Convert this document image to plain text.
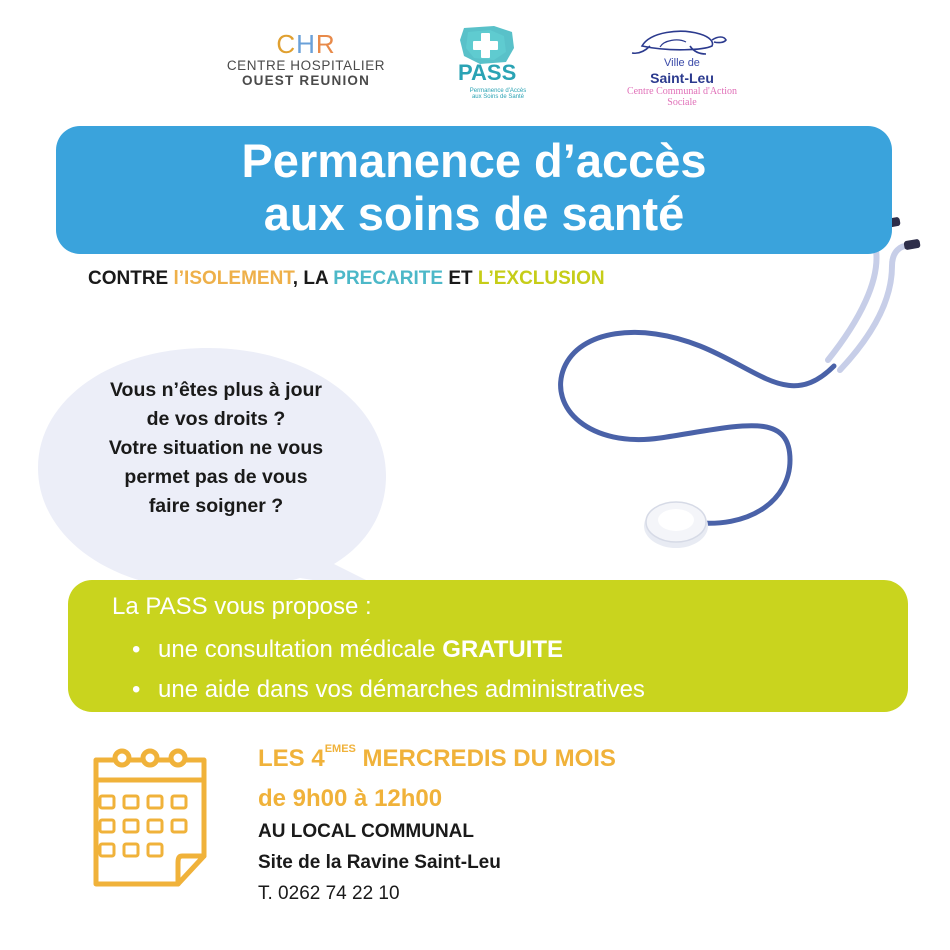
CHR
CENTRE HOSPITALIER
OUEST REUNION	PASS
Permanence d'Accès aux Soins de Santé
Ville de
Saint-Leu
Centre Communal d'Action Sociale
Permanence d’accès
aux soins de santé
CONTRE l’ISOLEMENT, LA PRECARITE ET L’EXCLUSION
Vous n’êtes plus à jour
de vos droits ?
Votre situation ne vous
permet pas de vous
faire soigner ?
La PASS vous propose :
• une consultation médicale GRATUITE
• une aide dans vos démarches administratives
LES 4EMES MERCREDIS DU MOIS
de 9h00 à 12h00
AU LOCAL COMMUNAL
Site de la Ravine Saint-Leu
T. 0262 74 22 10
